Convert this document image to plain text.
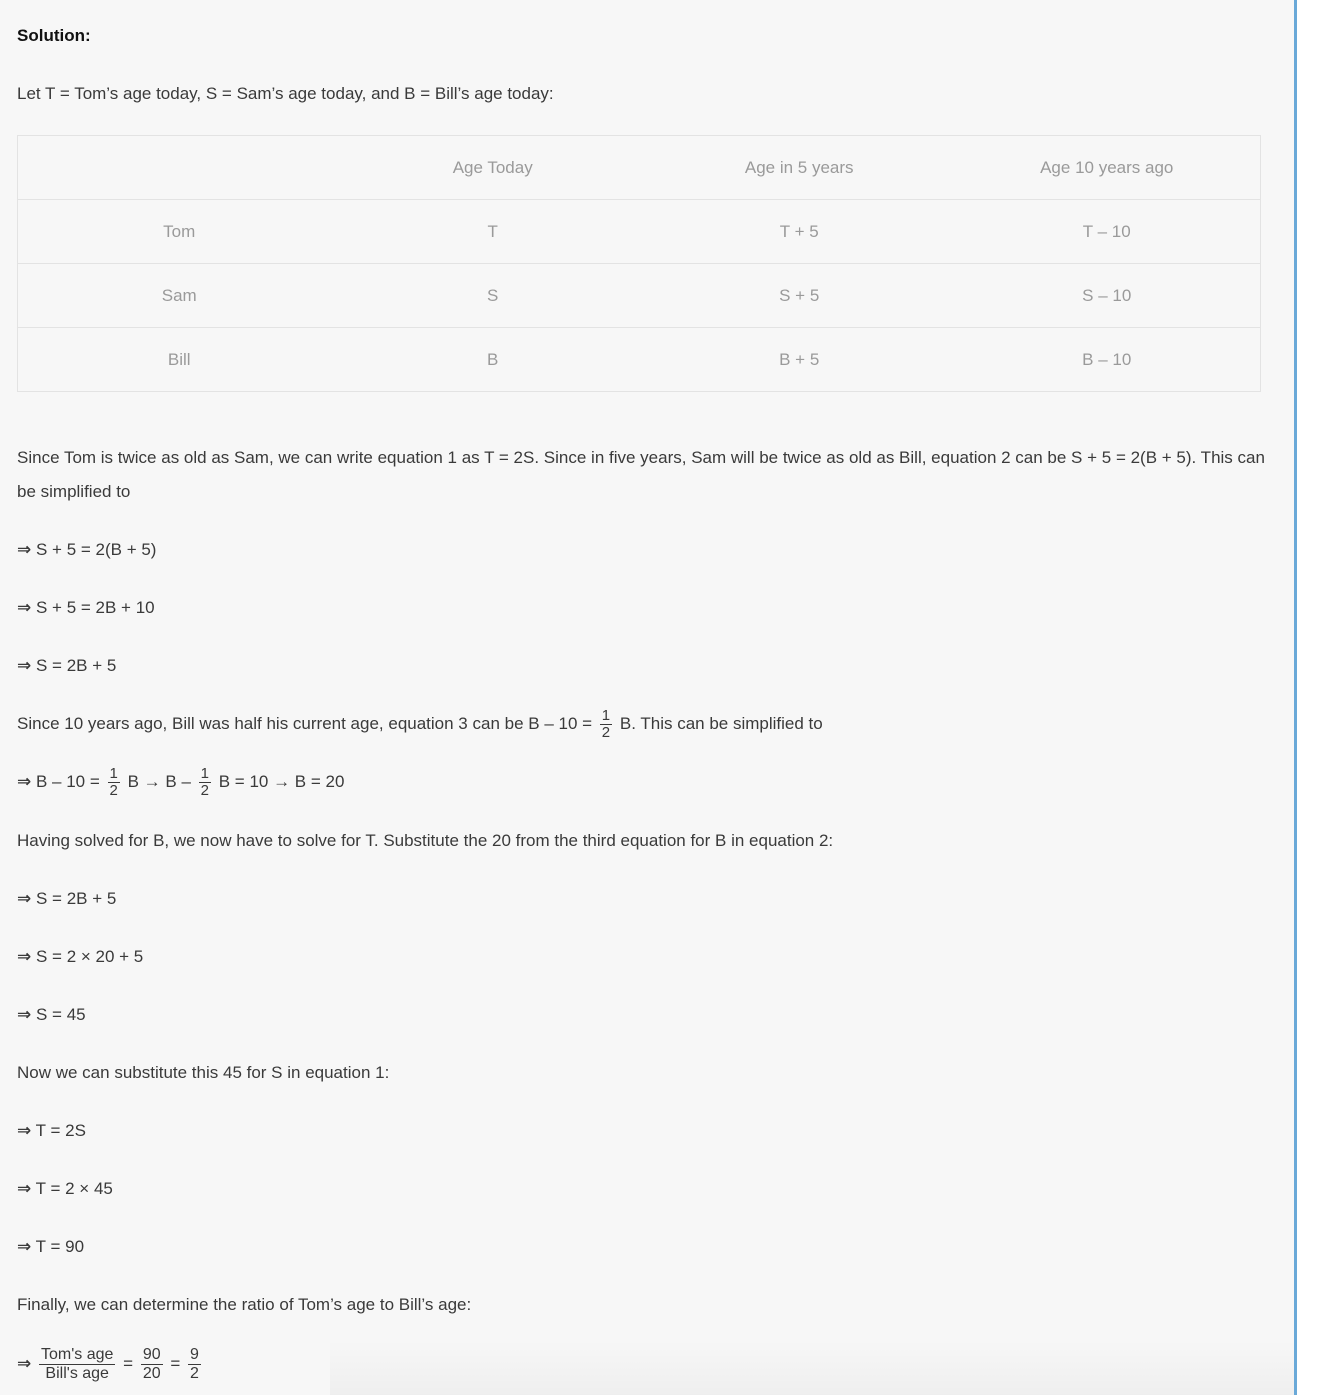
Solution:
Let T = Tom’s age today, S = Sam’s age today, and B = Bill’s age today:
	Age Today	Age in 5 years	Age 10 years ago
Tom	T	T + 5	T – 10
Sam	S	S + 5	S – 10
Bill	B	B + 5	B – 10
Since Tom is twice as old as Sam, we can write equation 1 as T = 2S. Since in five years, Sam will be twice as old as Bill, equation 2 can be S + 5 = 2(B + 5). This can be simplified to
⇒ S + 5 = 2(B + 5)
⇒ S + 5 = 2B + 10
⇒ S = 2B + 5
Since 10 years ago, Bill was half his current age, equation 3 can be $B - 10 = \frac{1}{2} B$. This can be simplified to
⇒ $B - 10 = \frac{1}{2}$ $B \to B - \frac{1}{2}$ B = 10 → B = 20
Having solved for B, we now have to solve for T. Substitute the 20 from the third equation for B in equation 2:
⇒ S = 2B + 5
⇒ S = 2 × 20 + 5
⇒ S = 45
Now we can substitute this 45 for S in equation 1:
⇒ T = 2S
⇒ T = 2 × 45
⇒ T = 90
Finally, we can determine the ratio of Tom’s age to Bill’s age:
⇒ $\frac{\text{Tom's age}}{\text{Bill's age}} = \frac{90}{20} = \frac{9}{2}$
